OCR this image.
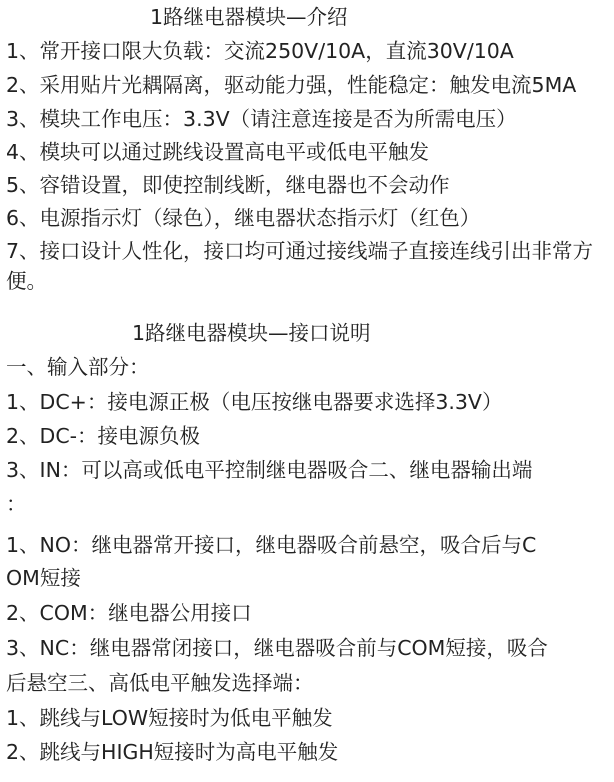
1路继电器模块—介绍
1、常开接口限大负载：交流250V/10A，直流30V/10A
2、采用贴片光耦隔离，驱动能力强，性能稳定：触发电流5MA
3、模块工作电压：3.3V（请注意连接是否为所需电压）
4、模块可以通过跳线设置高电平或低电平触发
5、容错设置，即使控制线断，继电器也不会动作
6、电源指示灯（绿色），继电器状态指示灯（红色）
7、接口设计人性化，接口均可通过接线端子直接连线引出非常方
便。
1路继电器模块—接口说明
一、输入部分：
1、DC+：接电源正极（电压按继电器要求选择3.3V）
2、DC-：接电源负极
3、IN：可以高或低电平控制继电器吸合二、继电器输出端
：
1、NO：继电器常开接口，继电器吸合前悬空，吸合后与C
OM短接
2、COM：继电器公用接口
3、NC：继电器常闭接口，继电器吸合前与COM短接，吸合
后悬空三、高低电平触发选择端：
1、跳线与LOW短接时为低电平触发
2、跳线与HIGH短接时为高电平触发
